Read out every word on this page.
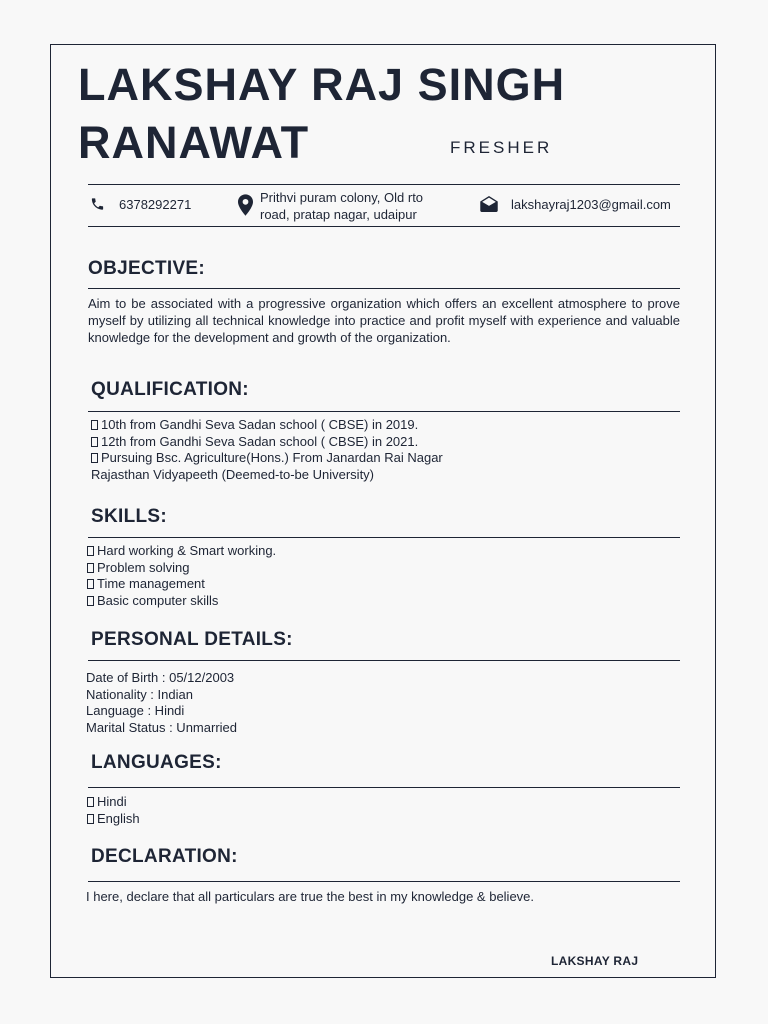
LAKSHAY RAJ SINGH
RANAWAT	FRESHER
6378292271	Prithvi puram colony, Old rto
road, pratap nagar, udaipur
lakshayraj1203@gmail.com
OBJECTIVE:

Aim to be associated with a progressive organization which offers an excellent atmosphere to prove myself by utilizing all technical knowledge into practice and profit myself with experience and valuable knowledge for the development and growth of the organization.

QUALIFICATION:
10th from Gandhi Seva Sadan school ( CBSE) in 2019.
12th from Gandhi Seva Sadan school ( CBSE) in 2021.
Pursuing Bsc. Agriculture(Hons.) From Janardan Rai Nagar
Rajasthan Vidyapeeth (Deemed-to-be University)
SKILLS:
Hard working & Smart working.
Problem solving
Time management
Basic computer skills
PERSONAL DETAILS:
Date of Birth : 05/12/2003
Nationality : Indian
Language : Hindi
Marital Status : Unmarried
LANGUAGES:
Hindi
English
DECLARATION:

I here, declare that all particulars are true the best in my knowledge & believe.

LAKSHAY RAJ
